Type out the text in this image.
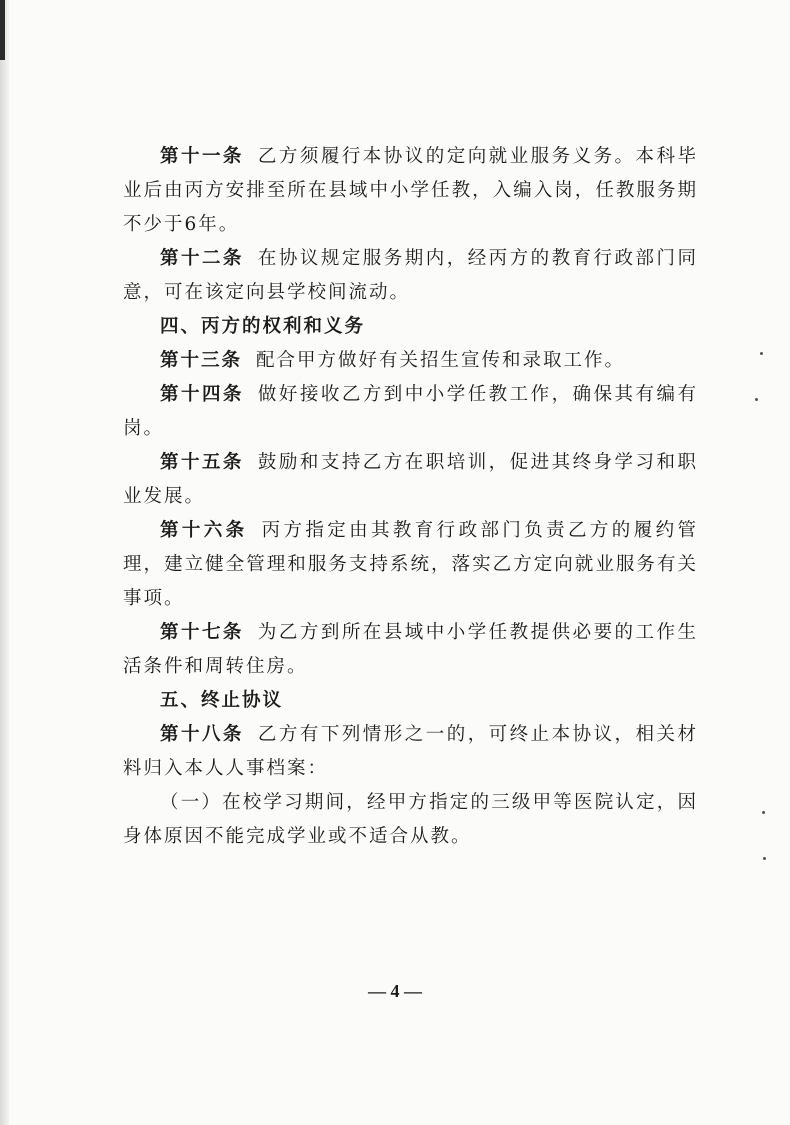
第十一条 乙方须履行本协议的定向就业服务义务。本科毕业后由丙方安排至所在县域中小学任教，入编入岗，任教服务期不少于6年。

第十二条 在协议规定服务期内，经丙方的教育行政部门同意，可在该定向县学校间流动。

四、丙方的权利和义务

第十三条 配合甲方做好有关招生宣传和录取工作。

第十四条 做好接收乙方到中小学任教工作，确保其有编有岗。

第十五条 鼓励和支持乙方在职培训，促进其终身学习和职业发展。

第十六条 丙方指定由其教育行政部门负责乙方的履约管理，建立健全管理和服务支持系统，落实乙方定向就业服务有关事项。

第十七条 为乙方到所在县域中小学任教提供必要的工作生活条件和周转住房。

五、终止协议

第十八条 乙方有下列情形之一的，可终止本协议，相关材料归入本人人事档案：

（一）在校学习期间，经甲方指定的三级甲等医院认定，因身体原因不能完成学业或不适合从教。

— 4 —
